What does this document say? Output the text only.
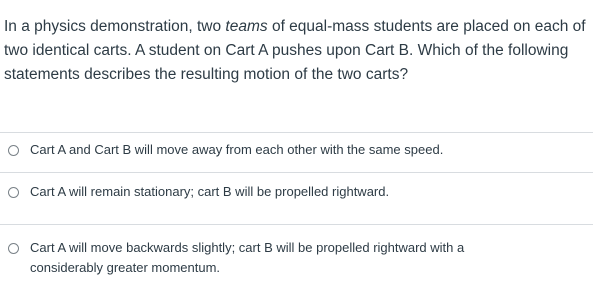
In a physics demonstration, two teams of equal-mass students are placed on each of two identical carts. A student on Cart A pushes upon Cart B. Which of the following statements describes the resulting motion of the two carts?
Cart A and Cart B will move away from each other with the same speed.
Cart A will remain stationary; cart B will be propelled rightward.
Cart A will move backwards slightly; cart B will be propelled rightward with a considerably greater momentum.
